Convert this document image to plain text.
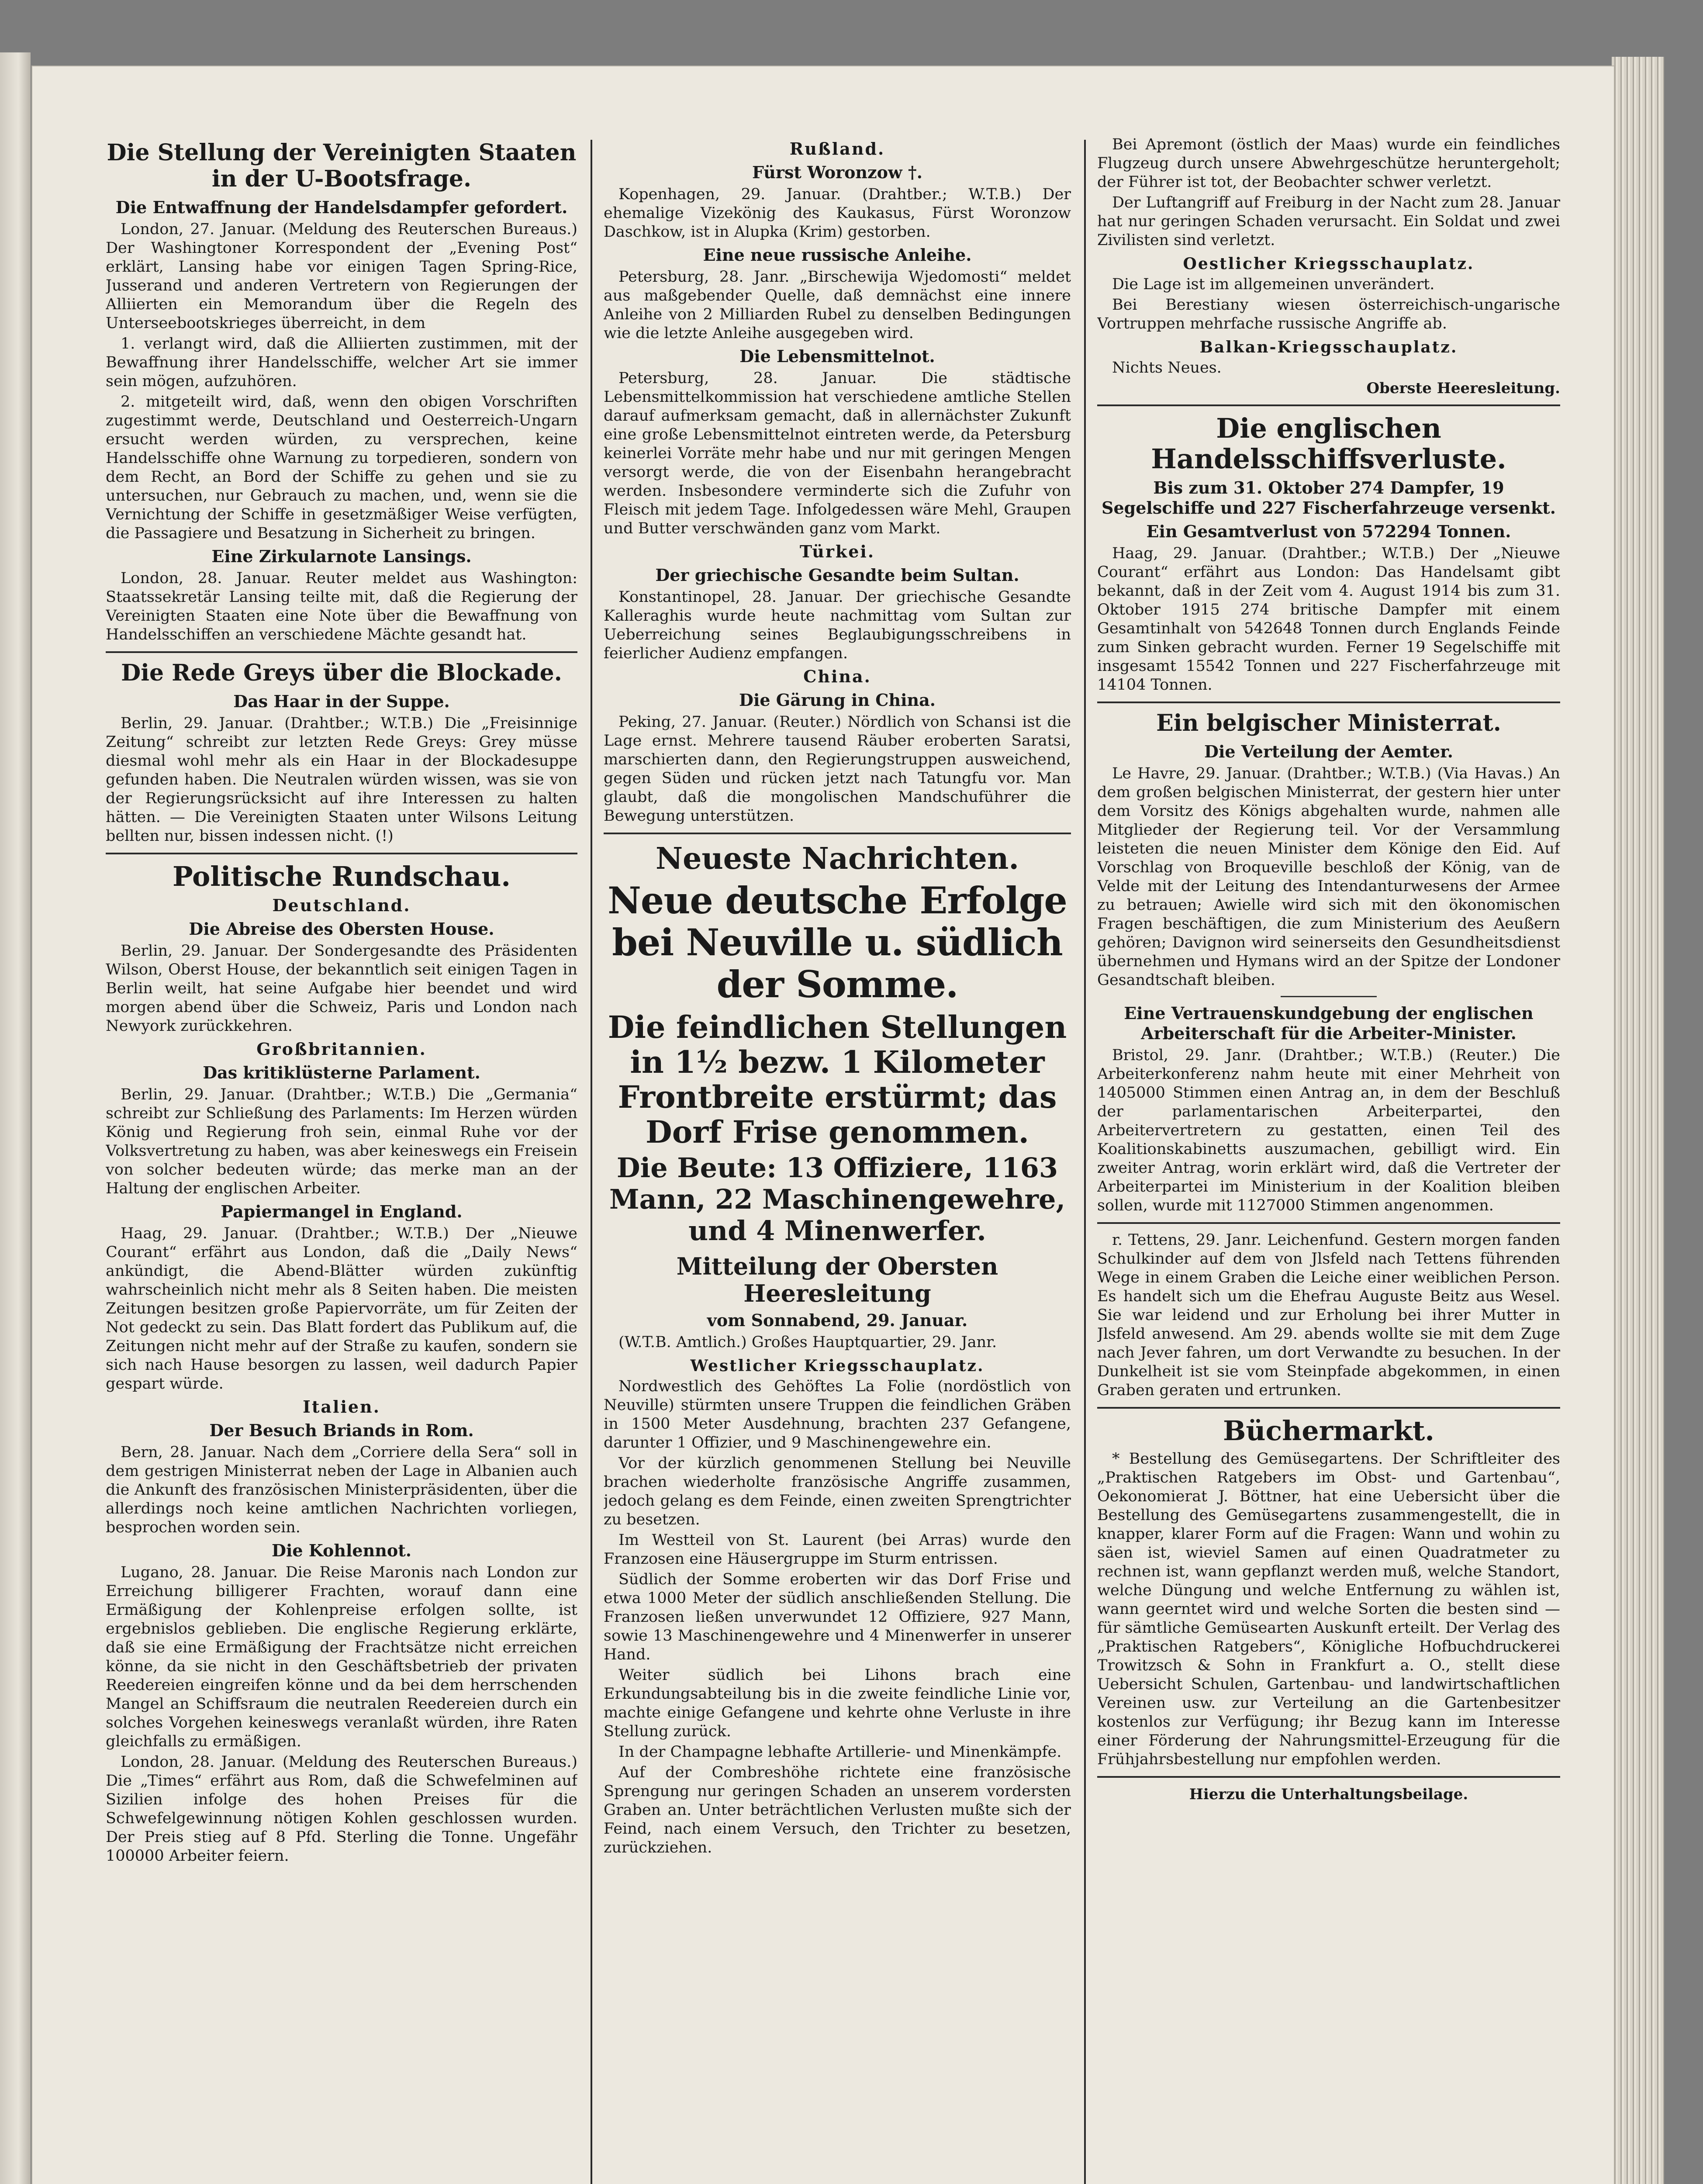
Die Stellung der Vereinigten Staaten in der U-Bootsfrage.
Die Entwaffnung der Handelsdampfer gefordert.

London, 27. Januar. (Meldung des Reuterschen Bureaus.) Der Washingtoner Korrespondent der „Evening Post“ erklärt, Lansing habe vor einigen Tagen Spring-Rice, Jusserand und anderen Vertretern von Regierungen der Alliierten ein Memorandum über die Regeln des Unterseebootskrieges überreicht, in dem

1. verlangt wird, daß die Alliierten zustimmen, mit der Bewaffnung ihrer Handelsschiffe, welcher Art sie immer sein mögen, aufzuhören.

2. mitgeteilt wird, daß, wenn den obigen Vorschriften zugestimmt werde, Deutschland und Oesterreich-Ungarn ersucht werden würden, zu versprechen, keine Handelsschiffe ohne Warnung zu torpedieren, sondern von dem Recht, an Bord der Schiffe zu gehen und sie zu untersuchen, nur Gebrauch zu machen, und, wenn sie die Vernichtung der Schiffe in gesetzmäßiger Weise verfügten, die Passagiere und Besatzung in Sicherheit zu bringen.

Eine Zirkularnote Lansings.

London, 28. Januar. Reuter meldet aus Washington: Staatssekretär Lansing teilte mit, daß die Regierung der Vereinigten Staaten eine Note über die Bewaffnung von Handelsschiffen an verschiedene Mächte gesandt hat.

Die Rede Greys über die Blockade.
Das Haar in der Suppe.

Berlin, 29. Januar. (Drahtber.; W.T.B.) Die „Freisinnige Zeitung“ schreibt zur letzten Rede Greys: Grey müsse diesmal wohl mehr als ein Haar in der Blockadesuppe gefunden haben. Die Neutralen würden wissen, was sie von der Regierungsrücksicht auf ihre Interessen zu halten hätten. — Die Vereinigten Staaten unter Wilsons Leitung bellten nur, bissen indessen nicht. (!)

Politische Rundschau.
Deutschland.
Die Abreise des Obersten House.

Berlin, 29. Januar. Der Sondergesandte des Präsidenten Wilson, Oberst House, der bekanntlich seit einigen Tagen in Berlin weilt, hat seine Aufgabe hier beendet und wird morgen abend über die Schweiz, Paris und London nach Newyork zurückkehren.

Großbritannien.
Das kritiklüsterne Parlament.

Berlin, 29. Januar. (Drahtber.; W.T.B.) Die „Germania“ schreibt zur Schließung des Parlaments: Im Herzen würden König und Regierung froh sein, einmal Ruhe vor der Volksvertretung zu haben, was aber keineswegs ein Freisein von solcher bedeuten würde; das merke man an der Haltung der englischen Arbeiter.

Papiermangel in England.

Haag, 29. Januar. (Drahtber.; W.T.B.) Der „Nieuwe Courant“ erfährt aus London, daß die „Daily News“ ankündigt, die Abend-Blätter würden zukünftig wahrscheinlich nicht mehr als 8 Seiten haben. Die meisten Zeitungen besitzen große Papiervorräte, um für Zeiten der Not gedeckt zu sein. Das Blatt fordert das Publikum auf, die Zeitungen nicht mehr auf der Straße zu kaufen, sondern sie sich nach Hause besorgen zu lassen, weil dadurch Papier gespart würde.

Italien.
Der Besuch Briands in Rom.

Bern, 28. Januar. Nach dem „Corriere della Sera“ soll in dem gestrigen Ministerrat neben der Lage in Albanien auch die Ankunft des französischen Ministerpräsidenten, über die allerdings noch keine amtlichen Nachrichten vorliegen, besprochen worden sein.

Die Kohlennot.

Lugano, 28. Januar. Die Reise Maronis nach London zur Erreichung billigerer Frachten, worauf dann eine Ermäßigung der Kohlenpreise erfolgen sollte, ist ergebnislos geblieben. Die englische Regierung erklärte, daß sie eine Ermäßigung der Frachtsätze nicht erreichen könne, da sie nicht in den Geschäftsbetrieb der privaten Reedereien eingreifen könne und da bei dem herrschenden Mangel an Schiffsraum die neutralen Reedereien durch ein solches Vorgehen keineswegs veranlaßt würden, ihre Raten gleichfalls zu ermäßigen.

London, 28. Januar. (Meldung des Reuterschen Bureaus.) Die „Times“ erfährt aus Rom, daß die Schwefelminen auf Sizilien infolge des hohen Preises für die Schwefelgewinnung nötigen Kohlen geschlossen wurden. Der Preis stieg auf 8 Pfd. Sterling die Tonne. Ungefähr 100000 Arbeiter feiern.

Rußland.
Fürst Woronzow †.

Kopenhagen, 29. Januar. (Drahtber.; W.T.B.) Der ehemalige Vizekönig des Kaukasus, Fürst Woronzow Daschkow, ist in Alupka (Krim) gestorben.

Eine neue russische Anleihe.

Petersburg, 28. Janr. „Birschewija Wjedomosti“ meldet aus maßgebender Quelle, daß demnächst eine innere Anleihe von 2 Milliarden Rubel zu denselben Bedingungen wie die letzte Anleihe ausgegeben wird.

Die Lebensmittelnot.

Petersburg, 28. Januar. Die städtische Lebensmittelkommission hat verschiedene amtliche Stellen darauf aufmerksam gemacht, daß in allernächster Zukunft eine große Lebensmittelnot eintreten werde, da Petersburg keinerlei Vorräte mehr habe und nur mit geringen Mengen versorgt werde, die von der Eisenbahn herangebracht werden. Insbesondere verminderte sich die Zufuhr von Fleisch mit jedem Tage. Infolgedessen wäre Mehl, Graupen und Butter verschwänden ganz vom Markt.

Türkei.
Der griechische Gesandte beim Sultan.

Konstantinopel, 28. Januar. Der griechische Gesandte Kalleraghis wurde heute nachmittag vom Sultan zur Ueberreichung seines Beglaubigungsschreibens in feierlicher Audienz empfangen.

China.
Die Gärung in China.

Peking, 27. Januar. (Reuter.) Nördlich von Schansi ist die Lage ernst. Mehrere tausend Räuber eroberten Saratsi, marschierten dann, den Regierungstruppen ausweichend, gegen Süden und rücken jetzt nach Tatungfu vor. Man glaubt, daß die mongolischen Mandschuführer die Bewegung unterstützen.

Neueste Nachrichten.
Neue deutsche Erfolge bei Neuville u. südlich der Somme.
Die feindlichen Stellungen in 1½ bezw. 1 Kilometer Frontbreite erstürmt; das Dorf Frise genommen.
Die Beute: 13 Offiziere, 1163 Mann, 22 Maschinengewehre, und 4 Minenwerfer.
Mitteilung der Obersten Heeresleitung
vom Sonnabend, 29. Januar.

(W.T.B. Amtlich.) Großes Hauptquartier, 29. Janr.

Westlicher Kriegsschauplatz.

Nordwestlich des Gehöftes La Folie (nordöstlich von Neuville) stürmten unsere Truppen die feindlichen Gräben in 1500 Meter Ausdehnung, brachten 237 Gefangene, darunter 1 Offizier, und 9 Maschinengewehre ein.

Vor der kürzlich genommenen Stellung bei Neuville brachen wiederholte französische Angriffe zusammen, jedoch gelang es dem Feinde, einen zweiten Sprengtrichter zu besetzen.

Im Westteil von St. Laurent (bei Arras) wurde den Franzosen eine Häusergruppe im Sturm entrissen.

Südlich der Somme eroberten wir das Dorf Frise und etwa 1000 Meter der südlich anschließenden Stellung. Die Franzosen ließen unverwundet 12 Offiziere, 927 Mann, sowie 13 Maschinengewehre und 4 Minenwerfer in unserer Hand.

Weiter südlich bei Lihons brach eine Erkundungsabteilung bis in die zweite feindliche Linie vor, machte einige Gefangene und kehrte ohne Verluste in ihre Stellung zurück.

In der Champagne lebhafte Artillerie- und Minenkämpfe.

Auf der Combreshöhe richtete eine französische Sprengung nur geringen Schaden an unserem vordersten Graben an. Unter beträchtlichen Verlusten mußte sich der Feind, nach einem Versuch, den Trichter zu besetzen, zurückziehen.

Bei Apremont (östlich der Maas) wurde ein feindliches Flugzeug durch unsere Abwehrgeschütze heruntergeholt; der Führer ist tot, der Beobachter schwer verletzt.

Der Luftangriff auf Freiburg in der Nacht zum 28. Januar hat nur geringen Schaden verursacht. Ein Soldat und zwei Zivilisten sind verletzt.

Oestlicher Kriegsschauplatz.

Die Lage ist im allgemeinen unverändert.

Bei Berestiany wiesen österreichisch-ungarische Vortruppen mehrfache russische Angriffe ab.

Balkan-Kriegsschauplatz.

Nichts Neues.

Oberste Heeresleitung.
Die englischen Handelsschiffsverluste.
Bis zum 31. Oktober 274 Dampfer, 19 Segelschiffe und 227 Fischerfahrzeuge versenkt.
Ein Gesamtverlust von 572294 Tonnen.

Haag, 29. Januar. (Drahtber.; W.T.B.) Der „Nieuwe Courant“ erfährt aus London: Das Handelsamt gibt bekannt, daß in der Zeit vom 4. August 1914 bis zum 31. Oktober 1915 274 britische Dampfer mit einem Gesamtinhalt von 542648 Tonnen durch Englands Feinde zum Sinken gebracht wurden. Ferner 19 Segelschiffe mit insgesamt 15542 Tonnen und 227 Fischerfahrzeuge mit 14104 Tonnen.

Ein belgischer Ministerrat.
Die Verteilung der Aemter.

Le Havre, 29. Januar. (Drahtber.; W.T.B.) (Via Havas.) An dem großen belgischen Ministerrat, der gestern hier unter dem Vorsitz des Königs abgehalten wurde, nahmen alle Mitglieder der Regierung teil. Vor der Versammlung leisteten die neuen Minister dem Könige den Eid. Auf Vorschlag von Broqueville beschloß der König, van de Velde mit der Leitung des Intendanturwesens der Armee zu betrauen; Awielle wird sich mit den ökonomischen Fragen beschäftigen, die zum Ministerium des Aeußern gehören; Davignon wird seinerseits den Gesundheitsdienst übernehmen und Hymans wird an der Spitze der Londoner Gesandtschaft bleiben.

Eine Vertrauenskundgebung der englischen Arbeiterschaft für die Arbeiter-Minister.

Bristol, 29. Janr. (Drahtber.; W.T.B.) (Reuter.) Die Arbeiterkonferenz nahm heute mit einer Mehrheit von 1405000 Stimmen einen Antrag an, in dem der Beschluß der parlamentarischen Arbeiterpartei, den Arbeitervertretern zu gestatten, einen Teil des Koalitionskabinetts auszumachen, gebilligt wird. Ein zweiter Antrag, worin erklärt wird, daß die Vertreter der Arbeiterpartei im Ministerium in der Koalition bleiben sollen, wurde mit 1127000 Stimmen angenommen.

r. Tettens, 29. Janr. Leichenfund. Gestern morgen fanden Schulkinder auf dem von Jlsfeld nach Tettens führenden Wege in einem Graben die Leiche einer weiblichen Person. Es handelt sich um die Ehefrau Auguste Beitz aus Wesel. Sie war leidend und zur Erholung bei ihrer Mutter in Jlsfeld anwesend. Am 29. abends wollte sie mit dem Zuge nach Jever fahren, um dort Verwandte zu besuchen. In der Dunkelheit ist sie vom Steinpfade abgekommen, in einen Graben geraten und ertrunken.

Büchermarkt.

* Bestellung des Gemüsegartens. Der Schriftleiter des „Praktischen Ratgebers im Obst- und Gartenbau“, Oekonomierat J. Böttner, hat eine Uebersicht über die Bestellung des Gemüsegartens zusammengestellt, die in knapper, klarer Form auf die Fragen: Wann und wohin zu säen ist, wieviel Samen auf einen Quadratmeter zu rechnen ist, wann gepflanzt werden muß, welche Standort, welche Düngung und welche Entfernung zu wählen ist, wann geerntet wird und welche Sorten die besten sind — für sämtliche Gemüsearten Auskunft erteilt. Der Verlag des „Praktischen Ratgebers“, Königliche Hofbuchdruckerei Trowitzsch & Sohn in Frankfurt a. O., stellt diese Uebersicht Schulen, Gartenbau- und landwirtschaftlichen Vereinen usw. zur Verteilung an die Gartenbesitzer kostenlos zur Verfügung; ihr Bezug kann im Interesse einer Förderung der Nahrungsmittel-Erzeugung für die Frühjahrsbestellung nur empfohlen werden.

Hierzu die Unterhaltungsbeilage.
